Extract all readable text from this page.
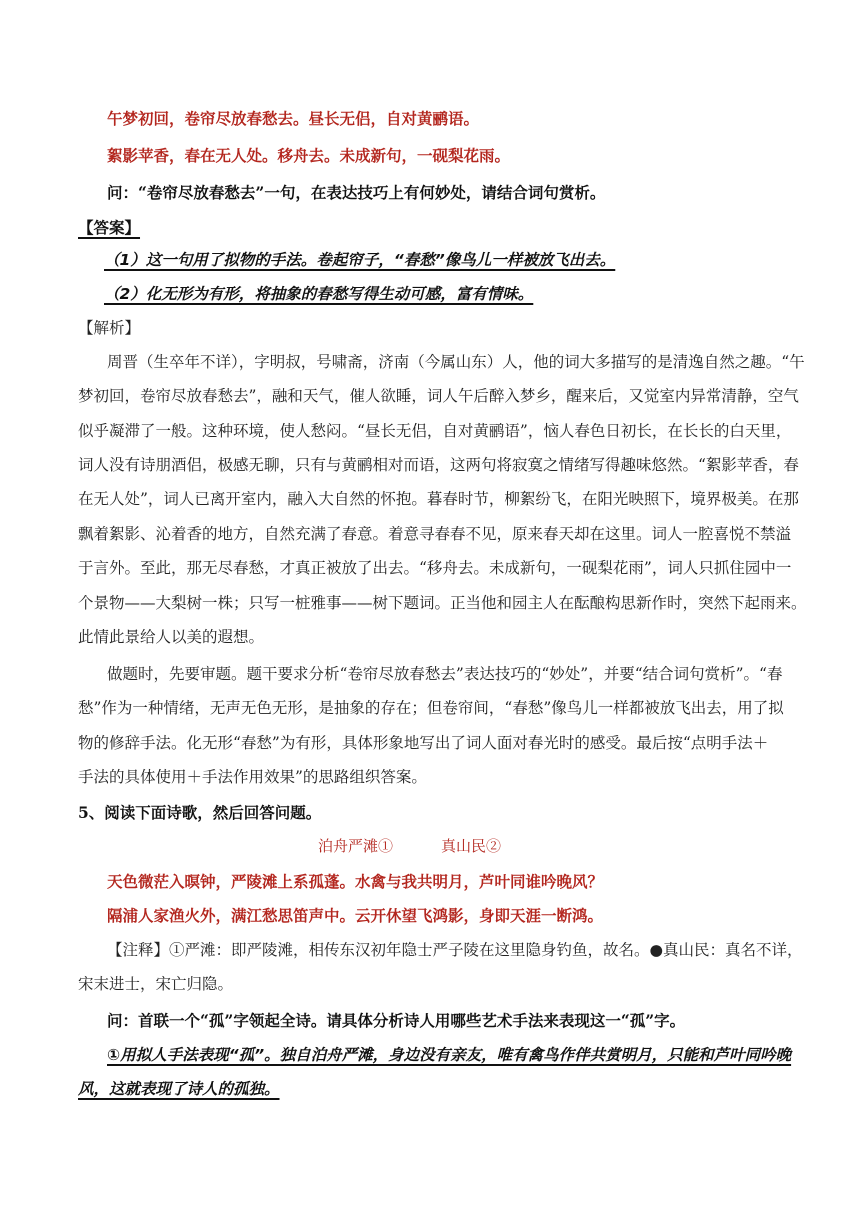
午梦初回，卷帘尽放春愁去。昼长无侣，自对黄鹂语。
絮影苹香，春在无人处。移舟去。未成新句，一砚梨花雨。
问：“卷帘尽放春愁去”一句，在表达技巧上有何妙处，请结合词句赏析。
【答案】
（1）这一句用了拟物的手法。卷起帘子，“春愁”像鸟儿一样被放飞出去。
（2）化无形为有形，将抽象的春愁写得生动可感，富有情味。
【解析】
周晋（生卒年不详），字明叔，号啸斋，济南（今属山东）人，他的词大多描写的是清逸自然之趣。“午
梦初回，卷帘尽放春愁去”，融和天气，催人欲睡，词人午后醉入梦乡，醒来后，又觉室内异常清静，空气
似乎凝滞了一般。这种环境，使人愁闷。“昼长无侣，自对黄鹂语”，恼人春色日初长，在长长的白天里，
词人没有诗朋酒侣，极感无聊，只有与黄鹂相对而语，这两句将寂寞之情绪写得趣味悠然。“絮影苹香，春
在无人处”，词人已离开室内，融入大自然的怀抱。暮春时节，柳絮纷飞，在阳光映照下，境界极美。在那
飘着絮影、沁着香的地方，自然充满了春意。着意寻春春不见，原来春天却在这里。词人一腔喜悦不禁溢
于言外。至此，那无尽春愁，才真正被放了出去。“移舟去。未成新句，一砚梨花雨”，词人只抓住园中一
个景物——大梨树一株；只写一桩雅事——树下题词。正当他和园主人在酝酿构思新作时，突然下起雨来。
此情此景给人以美的遐想。
做题时，先要审题。题干要求分析“卷帘尽放春愁去”表达技巧的“妙处”，并要“结合词句赏析”。“春
愁”作为一种情绪，无声无色无形，是抽象的存在；但卷帘间，“春愁”像鸟儿一样都被放飞出去，用了拟
物的修辞手法。化无形“春愁”为有形，具体形象地写出了词人面对春光时的感受。最后按“点明手法＋
手法的具体使用＋手法作用效果”的思路组织答案。
5、阅读下面诗歌，然后回答问题。
泊舟严滩①	真山民②
天色微茫入暝钟，严陵滩上系孤蓬。水禽与我共明月，芦叶同谁吟晚风？
隔浦人家渔火外，满江愁思笛声中。云开休望飞鸿影，身即天涯一断鸿。
【注释】①严滩：即严陵滩，相传东汉初年隐士严子陵在这里隐身钓鱼，故名。●真山民：真名不详，
宋末进士，宋亡归隐。
问：首联一个“孤”字领起全诗。请具体分析诗人用哪些艺术手法来表现这一“孤”字。
①用拟人手法表现“孤”。独自泊舟严滩，身边没有亲友，唯有禽鸟作伴共赏明月，只能和芦叶同吟晚
风，这就表现了诗人的孤独。
